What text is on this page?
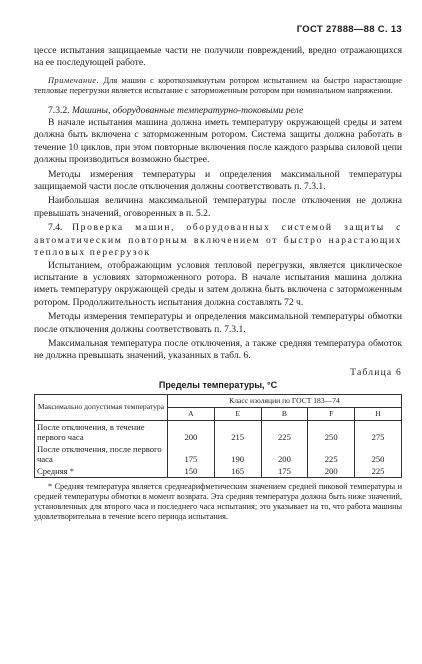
ГОСТ 27888—88 С. 13

цессе испытания защищаемые части не получили повреждений, вредно отражающихся на ее последующей работе.

Примечание. Для машин с короткозамкнутым ротором испытанием на быстро нарастающие тепловые перегрузки является испытание с заторможенным ротором при номинальном напряжении.

7.3.2. Машины, оборудованные температурно-токовыми реле

В начале испытания машина должна иметь температуру окружающей среды и затем должна быть включена с заторможенным ротором. Система защиты должна работать в течение 10 циклов, при этом повторные включения после каждого разрыва силовой цепи должны производиться возможно быстрее.

Методы измерения температуры и определения максимальной температуры защищаемой части после отключения должны соответствовать п. 7.3.1.

Наибольшая величина максимальной температуры после отключения не должна превышать значений, оговоренных в п. 5.2.

7.4. Проверка машин, оборудованных системой защиты с автоматическим повторным включением от быстро нарастающих тепловых перегрузок

Испытанием, отображающим условия тепловой перегрузки, является циклическое испытание в условиях заторможенного ротора. В начале испытания машина должна иметь температуру окружающей среды и затем должна быть включена с заторможенным ротором. Продолжительность испытания должна составлять 72 ч.

Методы измерения температуры и определения максимальной температуры обмотки после отключения должны соответствовать п. 7.3.1.

Максимальная температура после отключения, а также средняя температура обмоток не должна превышать значений, указанных в табл. 6.

Таблица 6
Пределы температуры, °С
Максимально допустимая температура	Класс изоляции по ГОСТ 183—74				
	А	Е	В	F	Н
После отключения, в течение первого часа	200	215	225	250	275
После отключения, после первого часа	175	190	200	225	250
Средняя *	150	165	175	200	225

* Средняя температура является среднеарифметическим значением средней пиковой температуры и средней температуры обмотки в момент возврата. Эта средняя температура должна быть ниже значений, установленных для второго часа и последнего часа испытания; это указывает на то, что работа машины удовлетворительна в течение всего периода испытания.
